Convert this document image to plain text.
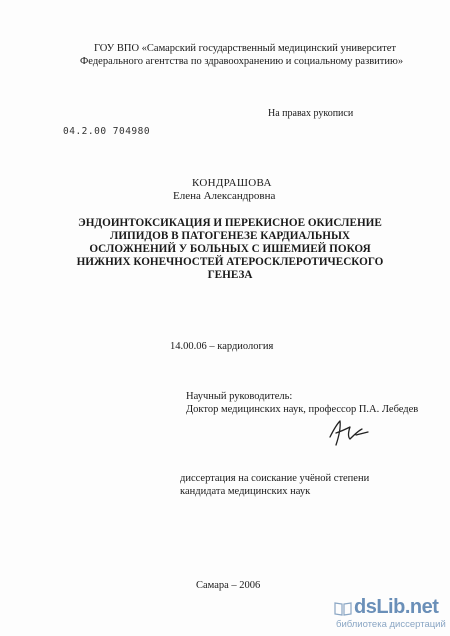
ГОУ ВПО «Самарский государственный медицинский университет
Федерального агентства по здравоохранению и социальному развитию»
На правах рукописи
04.2.00 704980
КОНДРАШОВА
Елена Александровна
ЭНДОИНТОКСИКАЦИЯ И ПЕРЕКИСНОЕ ОКИСЛЕНИЕ
ЛИПИДОВ В ПАТОГЕНЕЗЕ КАРДИАЛЬНЫХ
ОСЛОЖНЕНИЙ У БОЛЬНЫХ С ИШЕМИЕЙ ПОКОЯ
НИЖНИХ КОНЕЧНОСТЕЙ АТЕРОСКЛЕРОТИЧЕСКОГО
ГЕНЕЗА
14.00.06 – кардиология
Научный руководитель:
Доктор медицинских наук, профессор П.А. Лебедев
диссертация на соискание учёной степени
кандидата медицинских наук
Самара – 2006
dsLib.net
библиотека диссертаций
